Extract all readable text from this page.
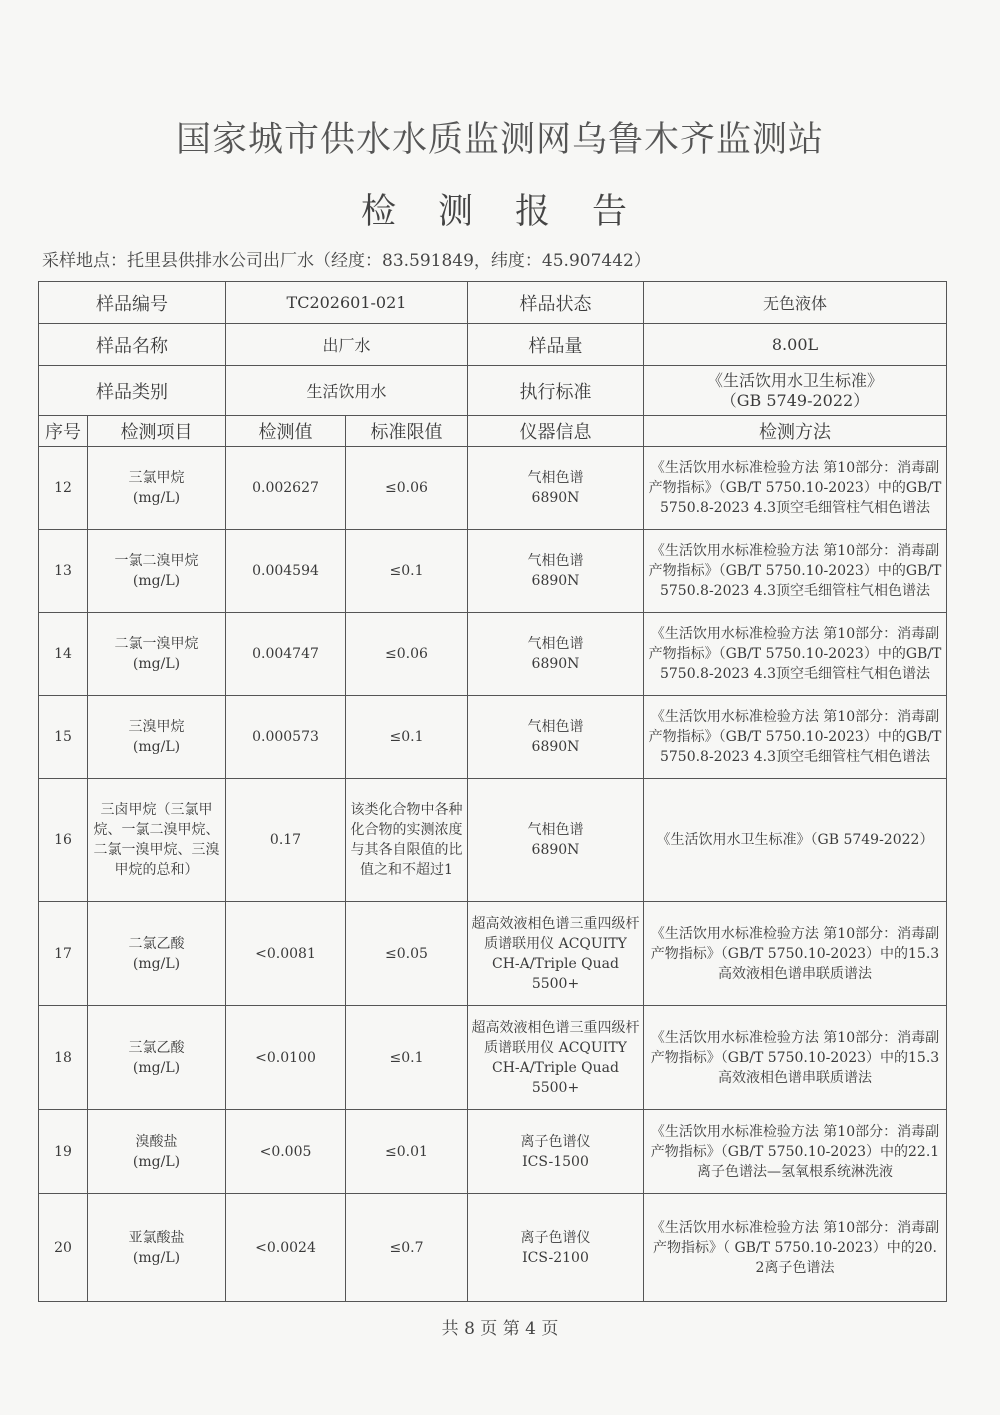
国家城市供水水质监测网乌鲁木齐监测站
检测报告
采样地点：托里县供排水公司出厂水（经度：83.591849，纬度：45.907442）
样品编号		TC202601-021		样品状态	无色液体
样品名称		出厂水		样品量	8.00L
样品类别		生活饮用水		执行标准	《生活饮用水卫生标准》
（GB 5749-2022）

序号	检测项目	检测值	标准限值	仪器信息	检测方法
12	三氯甲烷
(mg/L)	0.002627	≤0.06	气相色谱
6890N	《生活饮用水标准检验方法 第10部分：消毒副产物指标》（GB/T 5750.10-2023）中的GB/T 5750.8-2023 4.3顶空毛细管柱气相色谱法
13	一氯二溴甲烷
(mg/L)	0.004594	≤0.1	气相色谱
6890N	《生活饮用水标准检验方法 第10部分：消毒副产物指标》（GB/T 5750.10-2023）中的GB/T 5750.8-2023 4.3顶空毛细管柱气相色谱法
14	二氯一溴甲烷
(mg/L)	0.004747	≤0.06	气相色谱
6890N	《生活饮用水标准检验方法 第10部分：消毒副产物指标》（GB/T 5750.10-2023）中的GB/T 5750.8-2023 4.3顶空毛细管柱气相色谱法
15	三溴甲烷
(mg/L)	0.000573	≤0.1	气相色谱
6890N	《生活饮用水标准检验方法 第10部分：消毒副产物指标》（GB/T 5750.10-2023）中的GB/T 5750.8-2023 4.3顶空毛细管柱气相色谱法
16	三卤甲烷（三氯甲烷、一氯二溴甲烷、二氯一溴甲烷、三溴甲烷的总和）	0.17	该类化合物中各种化合物的实测浓度与其各自限值的比值之和不超过1	气相色谱
6890N	《生活饮用水卫生标准》（GB 5749-2022）
17	二氯乙酸
(mg/L)	<0.0081	≤0.05	超高效液相色谱三重四级杆质谱联用仪 ACQUITY CH-A/Triple Quad 5500+	《生活饮用水标准检验方法 第10部分：消毒副产物指标》（GB/T 5750.10-2023）中的15.3高效液相色谱串联质谱法
18	三氯乙酸
(mg/L)	<0.0100	≤0.1	超高效液相色谱三重四级杆质谱联用仪 ACQUITY CH-A/Triple Quad 5500+	《生活饮用水标准检验方法 第10部分：消毒副产物指标》（GB/T 5750.10-2023）中的15.3高效液相色谱串联质谱法
19	溴酸盐
(mg/L)	<0.005	≤0.01	离子色谱仪
ICS-1500	《生活饮用水标准检验方法 第10部分：消毒副产物指标》（GB/T 5750.10-2023）中的22.1离子色谱法—氢氧根系统淋洗液
20	亚氯酸盐
(mg/L)	<0.0024	≤0.7	离子色谱仪
ICS-2100	《生活饮用水标准检验方法 第10部分：消毒副产物指标》（ GB/T 5750.10-2023）中的20. 2离子色谱法
共 8 页 第 4 页
